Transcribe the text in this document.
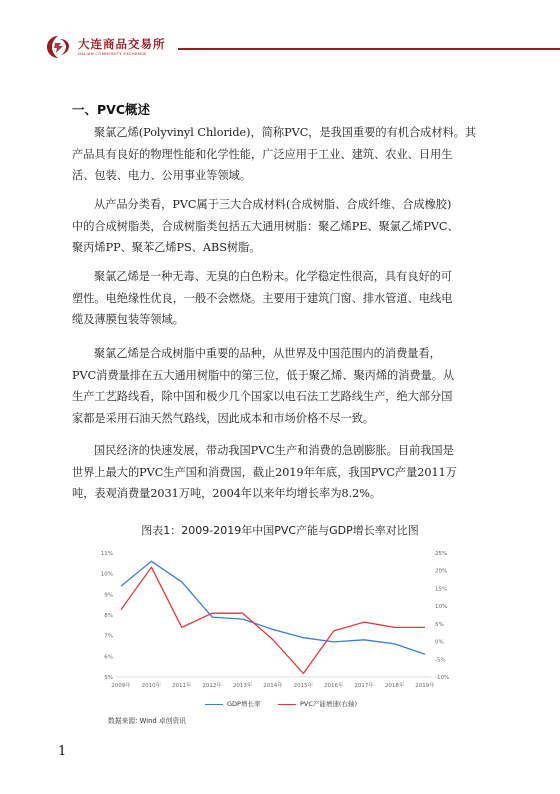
大连商品交易所
DALIAN COMMODITY EXCHANGE
一、PVC概述

聚氯乙烯(Polyvinyl Chloride)，简称PVC，是我国重要的有机合成材料。其
产品具有良好的物理性能和化学性能，广泛应用于工业、建筑、农业、日用生
活、包装、电力、公用事业等领域。

从产品分类看，PVC属于三大合成材料(合成树脂、合成纤维、合成橡胶)
中的合成树脂类，合成树脂类包括五大通用树脂：聚乙烯PE、聚氯乙烯PVC、
聚丙烯PP、聚苯乙烯PS、ABS树脂。

聚氯乙烯是一种无毒、无臭的白色粉末。化学稳定性很高，具有良好的可
塑性。电绝缘性优良，一般不会燃烧。主要用于建筑门窗、排水管道、电线电
缆及薄膜包装等领域。

聚氯乙烯是合成树脂中重要的品种，从世界及中国范围内的消费量看，
PVC消费量排在五大通用树脂中的第三位，低于聚乙烯、聚丙烯的消费量。从
生产工艺路线看，除中国和极少几个国家以电石法工艺路线生产，绝大部分国
家都是采用石油天然气路线，因此成本和市场价格不尽一致。

国民经济的快速发展，带动我国PVC生产和消费的急剧膨胀。目前我国是
世界上最大的PVC生产国和消费国，截止2019年年底，我国PVC产量2011万
吨，表观消费量2031万吨，2004年以来年均增长率为8.2%。

图表1：2009-2019年中国PVC产能与GDP增长率对比图
11%
10%
9%
8%
7%
6%
5%
25%
20%
15%
10%
5%
0%
-5%
-10%
2009年 2010年 2011年 2012年 2013年 2014年 2015年 2016年 2017年 2018年 2019年
GDP增长率	PVC产能增速(右轴)
数据来源: Wind 卓创资讯
1
